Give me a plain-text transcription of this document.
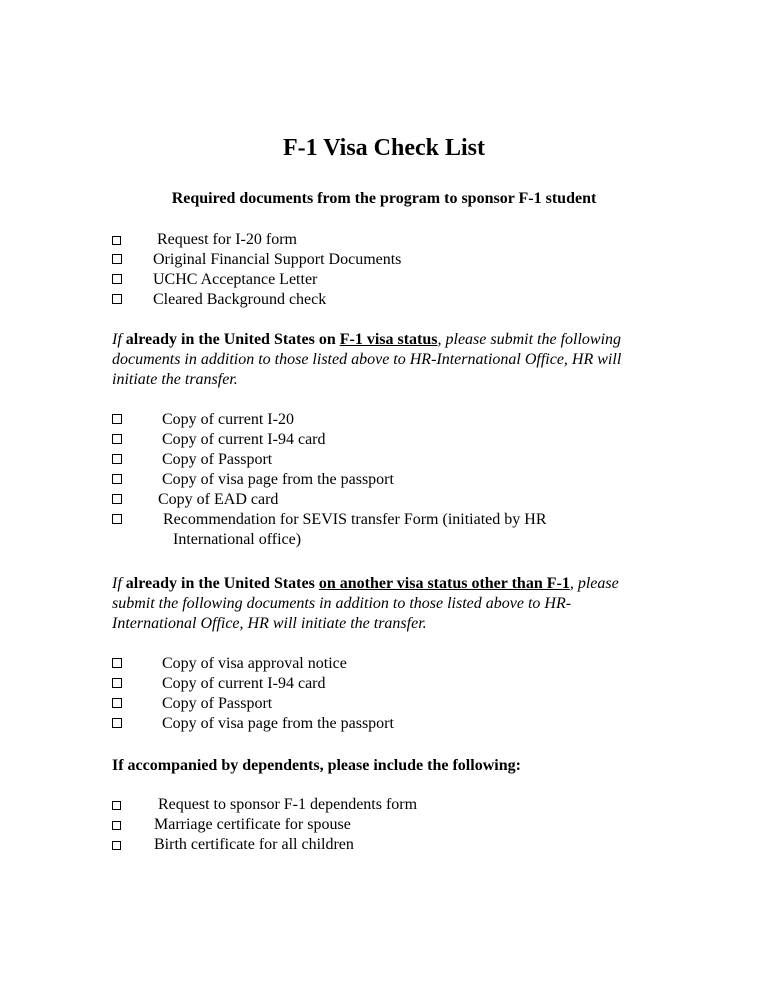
F-1 Visa Check List
Required documents from the program to sponsor F-1 student
Request for I-20 form
Original Financial Support Documents
UCHC Acceptance Letter
Cleared Background check
If already in the United States on F-1 visa status, please submit the following documents in addition to those listed above to HR-International Office, HR will initiate the transfer.
Copy of current I-20
Copy of current I-94 card
Copy of Passport
Copy of visa page from the passport
Copy of EAD card
Recommendation for SEVIS transfer Form (initiated by HR
International office)
If already in the United States on another visa status other than F-1, please submit the following documents in addition to those listed above to HR-International Office, HR will initiate the transfer.
Copy of visa approval notice
Copy of current I-94 card
Copy of Passport
Copy of visa page from the passport
If accompanied by dependents, please include the following:
Request to sponsor F-1 dependents form
Marriage certificate for spouse
Birth certificate for all children
